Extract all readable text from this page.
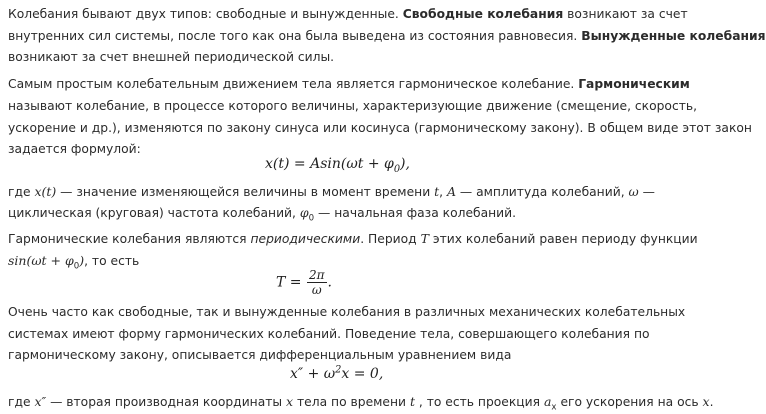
Колебания бывают двух типов: свободные и вынужденные. Свободные колебания возникают за счет
внутренних сил системы, после того как она была выведена из состояния равновесия. Вынужденные колебания
возникают за счет внешней периодической силы.
Самым простым колебательным движением тела является гармоническое колебание. Гармоническим
называют колебание, в процессе которого величины, характеризующие движение (смещение, скорость,
ускорение и др.), изменяются по закону синуса или косинуса (гармоническому закону). В общем виде этот закон
задается формулой:
$x(t) = Asin(\omega t + \varphi_0)$,
где x(t) — значение изменяющейся величины в момент времени t, A — амплитуда колебаний, ω —
циклическая (круговая) частота колебаний, $\varphi_0$ — начальная фаза колебаний.
Гармонические колебания являются периодическими. Период T этих колебаний равен периоду функции
$\sin(\omega t + \varphi_0)$, то есть
$T = \frac{2\pi}{\omega}$ .
Очень часто как свободные, так и вынужденные колебания в различных механических колебательных
системах имеют форму гармонических колебаний. Поведение тела, совершающего колебания по
гармоническому закону, описывается дифференциальным уравнением вида
$x'' + \omega^2x = 0$,
где x″ — вторая производная координаты x тела по времени t , то есть проекция $a_x$ его ускорения на ось x.
